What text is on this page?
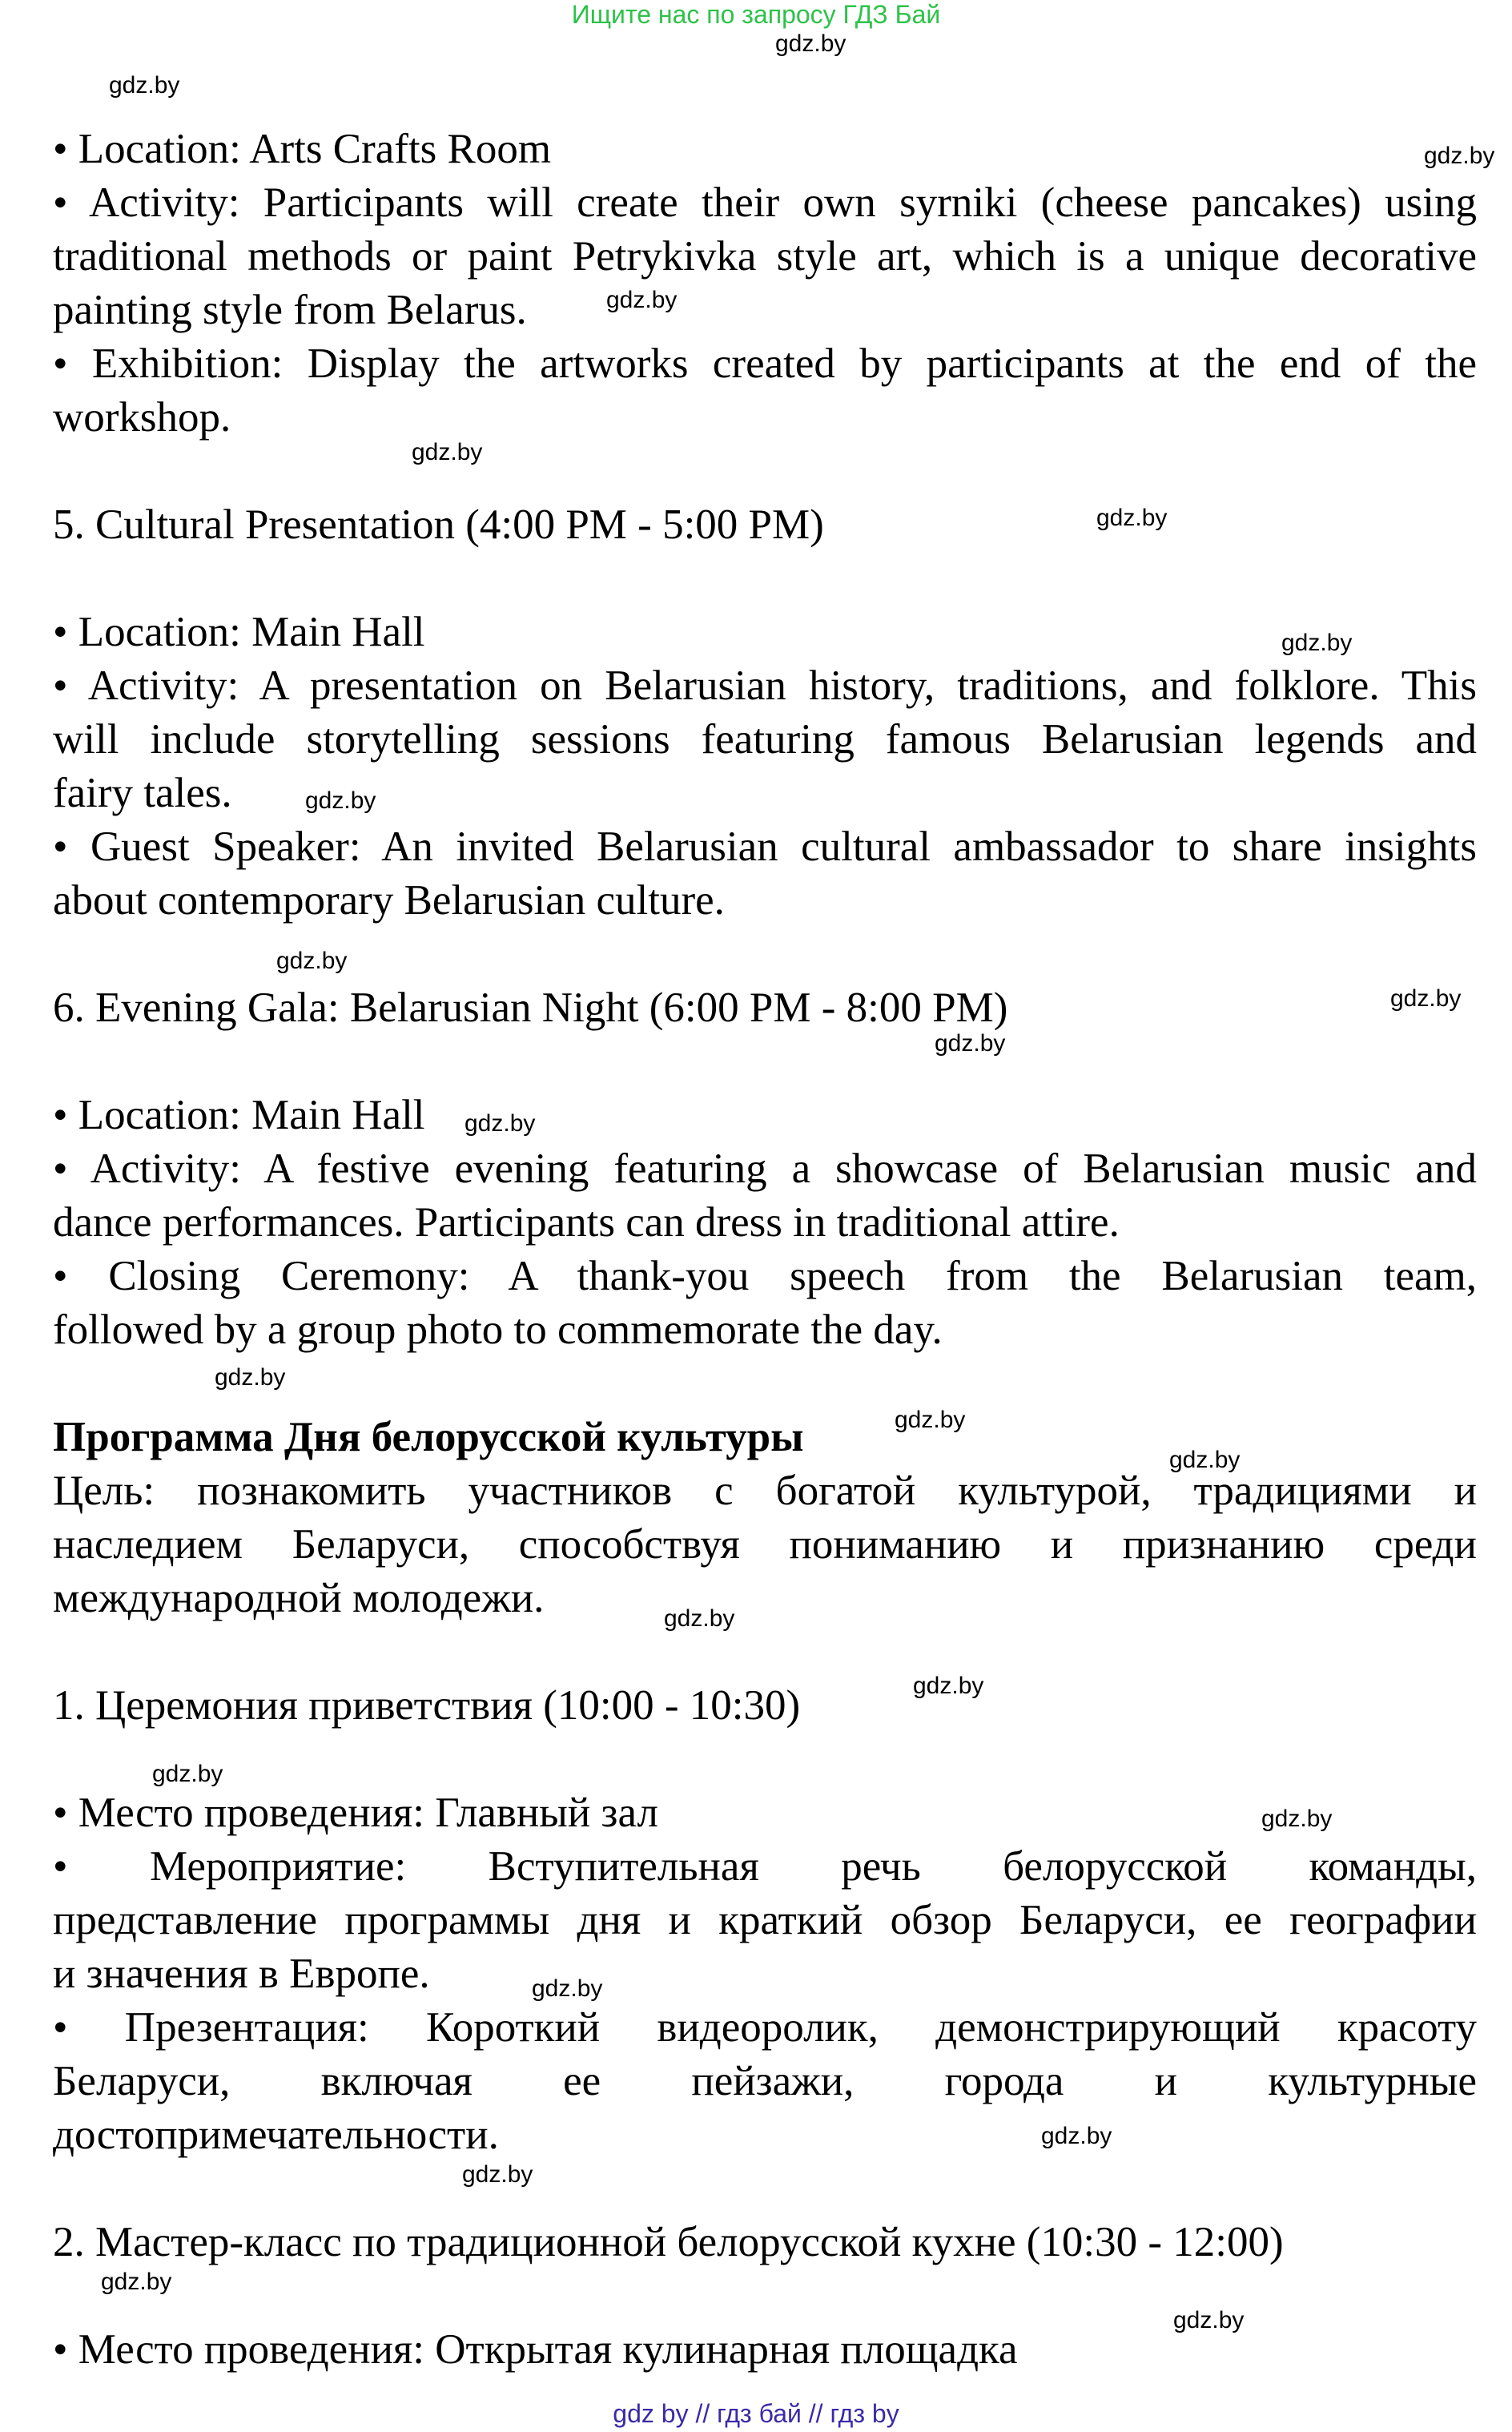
Ищите нас по запросу ГДЗ Бай
gdz.by
gdz.by
gdz.by
gdz.by
gdz.by
gdz.by
gdz.by
gdz.by
gdz.by
gdz.by
gdz.by
gdz.by
gdz.by
gdz.by
gdz.by
gdz.by
gdz.by
gdz.by
gdz.by
gdz.by
gdz.by
gdz.by
gdz.by
gdz.by
• Location: Arts Crafts Room
• Activity: Participants will create their own syrniki (cheese pancakes) using
traditional methods or paint Petrykivka style art, which is a unique decorative
painting style from Belarus.
• Exhibition: Display the artworks created by participants at the end of the
workshop.
5. Cultural Presentation (4:00 PM - 5:00 PM)
• Location: Main Hall
• Activity: A presentation on Belarusian history, traditions, and folklore. This
will include storytelling sessions featuring famous Belarusian legends and
fairy tales.
• Guest Speaker: An invited Belarusian cultural ambassador to share insights
about contemporary Belarusian culture.
6. Evening Gala: Belarusian Night (6:00 PM - 8:00 PM)
• Location: Main Hall
• Activity: A festive evening featuring a showcase of Belarusian music and
dance performances. Participants can dress in traditional attire.
• Closing Ceremony: A thank-you speech from the Belarusian team,
followed by a group photo to commemorate the day.
Программа Дня белорусской культуры
Цель: познакомить участников с богатой культурой, традициями и
наследием Беларуси, способствуя пониманию и признанию среди
международной молодежи.
1. Церемония приветствия (10:00 - 10:30)
• Место проведения: Главный зал
• Мероприятие: Вступительная речь белорусской команды,
представление программы дня и краткий обзор Беларуси, ее географии
и значения в Европе.
• Презентация: Короткий видеоролик, демонстрирующий красоту
Беларуси, включая ее пейзажи, города и культурные
достопримечательности.
2. Мастер-класс по традиционной белорусской кухне (10:30 - 12:00)
• Место проведения: Открытая кулинарная площадка
gdz by // гдз бай // гдз by
